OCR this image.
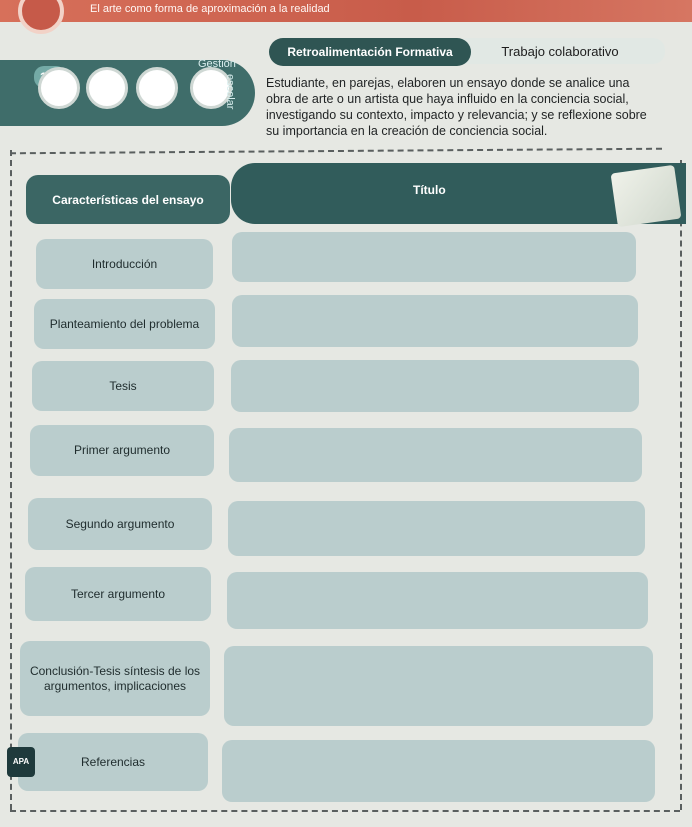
El arte como forma de aproximación a la realidad
Gestión
escolar
Retroalimentación Formativa	Trabajo colaborativo
Estudiante, en parejas, elaboren un ensayo donde se analice una obra de arte o un artista que haya influido en la conciencia social, investigando su contexto, impacto y relevancia; y se reflexione sobre su importancia en la creación de conciencia social.
Características del ensayo
Título
Introducción
Planteamiento del problema
Tesis
Primer argumento
Segundo argumento
Tercer argumento
Conclusión-Tesis síntesis de los argumentos, implicaciones
Referencias
APA
